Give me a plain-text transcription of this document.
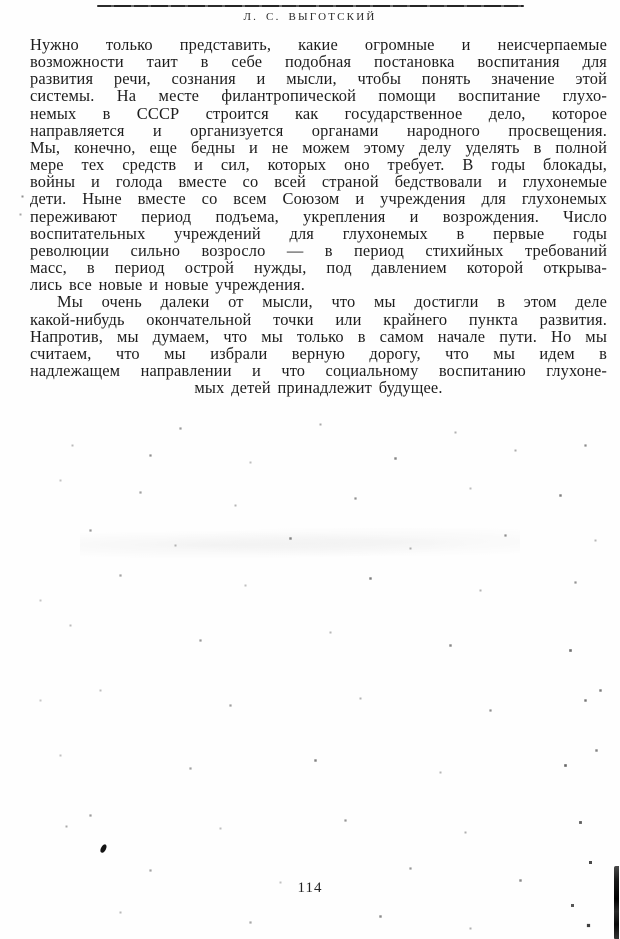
Л. С. ВЫГОТСКИЙ
Нужно только представить, какие огромные и неисчерпаемые
возможности таит в себе подобная постановка воспитания для
развития речи, сознания и мысли, чтобы понять значение этой
системы. На месте филантропической помощи воспитание глухо-
немых в СССР строится как государственное дело, которое
направляется и организуется органами народного просвещения.
Мы, конечно, еще бедны и не можем этому делу уделять в полной
мере тех средств и сил, которых оно требует. В годы блокады,
войны и голода вместе со всей страной бедствовали и глухонемые
дети. Ныне вместе со всем Союзом и учреждения для глухонемых
переживают период подъема, укрепления и возрождения. Число
воспитательных учреждений для глухонемых в первые годы
революции сильно возросло — в период стихийных требований
масс, в период острой нужды, под давлением которой открыва-
лись все новые и новые учреждения.
Мы очень далеки от мысли, что мы достигли в этом деле
какой-нибудь окончательной точки или крайнего пункта развития.
Напротив, мы думаем, что мы только в самом начале пути. Но мы
считаем, что мы избрали верную дорогу, что мы идем в
надлежащем направлении и что социальному воспитанию глухоне-
мых детей принадлежит будущее.
114
